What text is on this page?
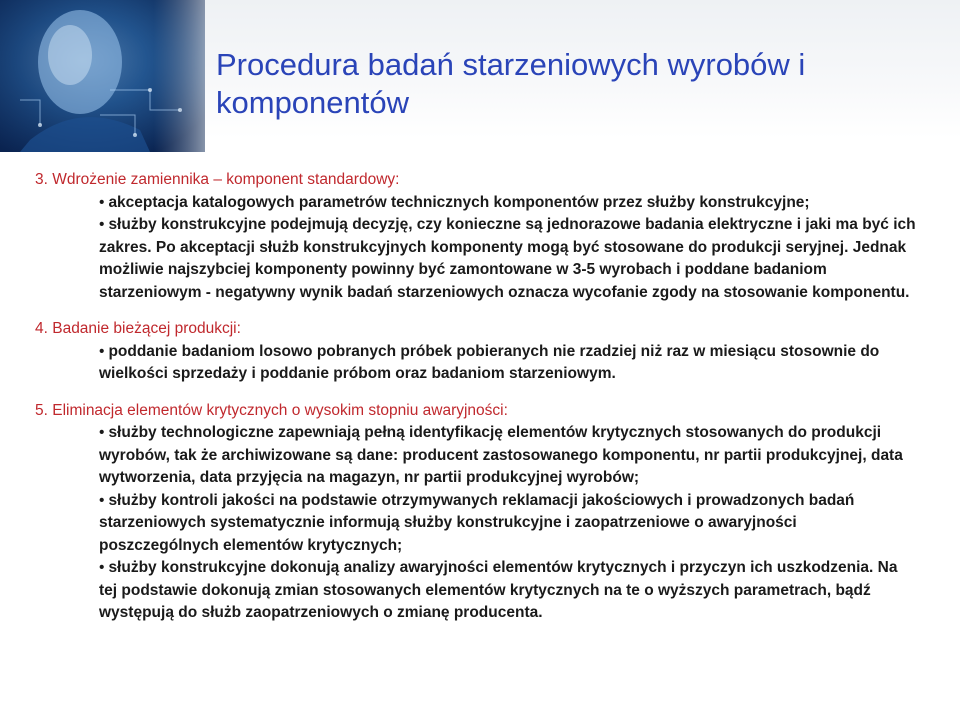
Procedura badań starzeniowych wyrobów i komponentów
3. Wdrożenie zamiennika – komponent standardowy:
• akceptacja katalogowych parametrów technicznych komponentów przez służby konstrukcyjne;
• służby konstrukcyjne podejmują decyzję, czy konieczne są jednorazowe badania elektryczne i jaki ma być ich zakres. Po akceptacji służb konstrukcyjnych komponenty mogą być stosowane do produkcji seryjnej. Jednak możliwie najszybciej komponenty powinny być zamontowane w 3-5 wyrobach i poddane badaniom starzeniowym - negatywny wynik badań starzeniowych oznacza wycofanie zgody na stosowanie komponentu.
4. Badanie bieżącej produkcji:
• poddanie badaniom losowo pobranych próbek pobieranych nie rzadziej niż raz w miesiącu stosownie do wielkości sprzedaży i poddanie próbom oraz badaniom starzeniowym.
5. Eliminacja elementów krytycznych o wysokim stopniu awaryjności:
• służby technologiczne zapewniają pełną identyfikację elementów krytycznych stosowanych do produkcji wyrobów, tak że archiwizowane są dane: producent zastosowanego komponentu, nr partii produkcyjnej, data wytworzenia, data przyjęcia na magazyn, nr partii produkcyjnej wyrobów;
• służby kontroli jakości na podstawie otrzymywanych reklamacji jakościowych i prowadzonych badań starzeniowych systematycznie informują służby konstrukcyjne i zaopatrzeniowe o awaryjności poszczególnych elementów krytycznych;
• służby konstrukcyjne dokonują analizy awaryjności elementów krytycznych i przyczyn ich uszkodzenia. Na tej podstawie dokonują zmian stosowanych elementów krytycznych na te o wyższych parametrach, bądź występują do służb zaopatrzeniowych o zmianę producenta.
